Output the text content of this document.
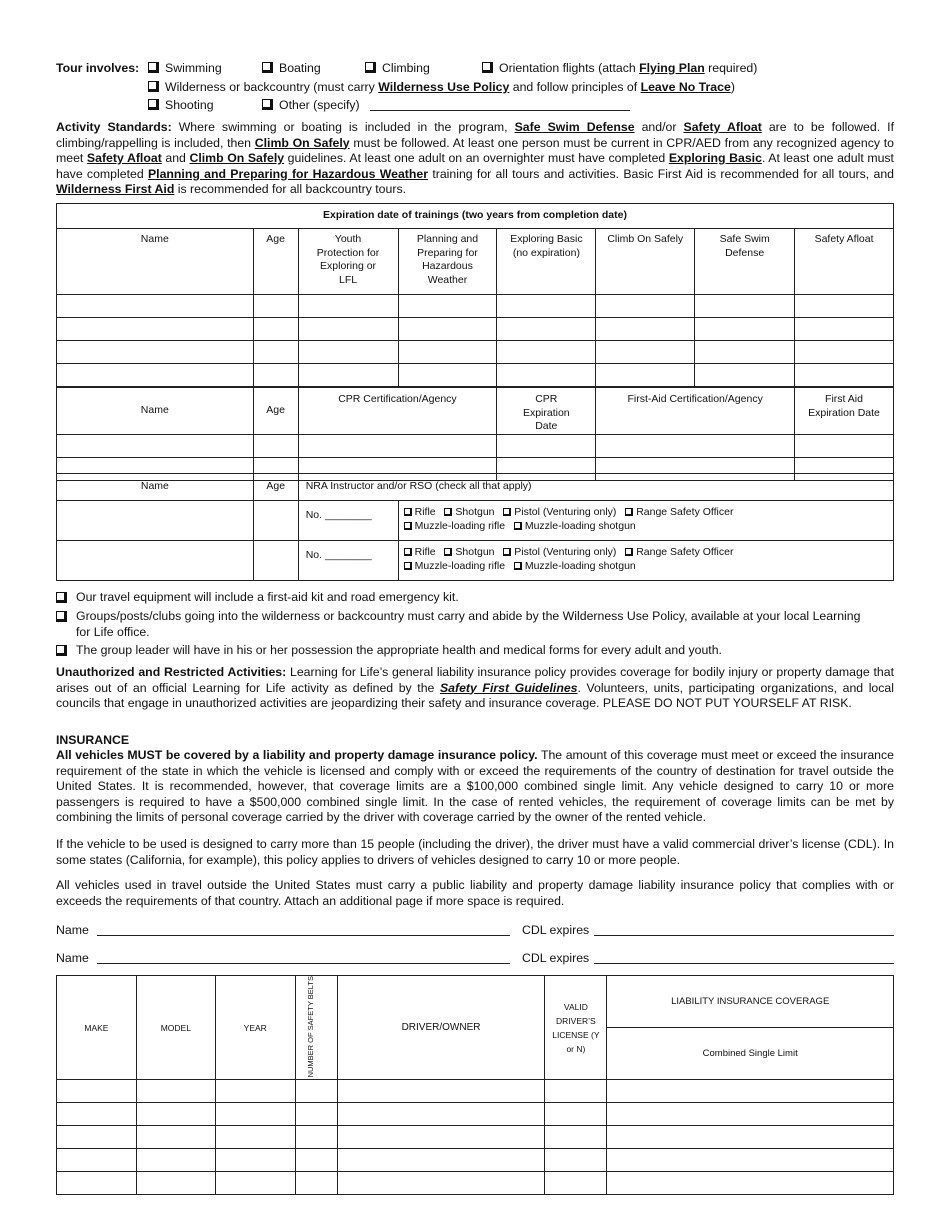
Tour involves:	Swimming	Boating	Climbing	Orientation flights (attach Flying Plan required)
Wilderness or backcountry (must carry Wilderness Use Policy and follow principles of Leave No Trace)
Shooting	Other (specify)
Activity Standards: Where swimming or boating is included in the program, Safe Swim Defense and/or Safety Afloat are to be followed. If climbing/rappelling is included, then Climb On Safely must be followed. At least one person must be current in CPR/AED from any recognized agency to meet Safety Afloat and Climb On Safely guidelines. At least one adult on an overnighter must have completed Exploring Basic. At least one adult must have completed Planning and Preparing for Hazardous Weather training for all tours and activities. Basic First Aid is recommended for all tours, and Wilderness First Aid is recommended for all backcountry tours.
Expiration date of trainings (two years from completion date)							
Name	Age	Youth Protection for Exploring or LFL	Planning and Preparing for Hazardous Weather	Exploring Basic (no expiration)	Climb On Safely	Safe Swim Defense	Safety Afloat

Name	Age	CPR Certification/Agency	CPR Expiration Date	First-Aid Certification/Agency	First Aid Expiration Date

Name	Age	NRA Instructor and/or RSO (check all that apply)	
		No. ________	Rifle Shotgun Pistol (Venturing only) Range Safety Officer
Muzzle-loading rifle Muzzle-loading shotgun

		No. ________	Rifle Shotgun Pistol (Venturing only) Range Safety Officer
Muzzle-loading rifle Muzzle-loading shotgun
Our travel equipment will include a first-aid kit and road emergency kit.
Groups/posts/clubs going into the wilderness or backcountry must carry and abide by the Wilderness Use Policy, available at your local Learning for Life office.
The group leader will have in his or her possession the appropriate health and medical forms for every adult and youth.
Unauthorized and Restricted Activities: Learning for Life’s general liability insurance policy provides coverage for bodily injury or property damage that arises out of an official Learning for Life activity as defined by the Safety First Guidelines. Volunteers, units, participating organizations, and local councils that engage in unauthorized activities are jeopardizing their safety and insurance coverage. PLEASE DO NOT PUT YOURSELF AT RISK.
INSURANCE
All vehicles MUST be covered by a liability and property damage insurance policy. The amount of this coverage must meet or exceed the insurance requirement of the state in which the vehicle is licensed and comply with or exceed the requirements of the country of destination for travel outside the United States. It is recommended, however, that coverage limits are a $100,000 combined single limit. Any vehicle designed to carry 10 or more passengers is required to have a $500,000 combined single limit. In the case of rented vehicles, the requirement of coverage limits can be met by combining the limits of personal coverage carried by the driver with coverage carried by the owner of the rented vehicle.
If the vehicle to be used is designed to carry more than 15 people (including the driver), the driver must have a valid commercial driver’s license (CDL). In some states (California, for example), this policy applies to drivers of vehicles designed to carry 10 or more people.
All vehicles used in travel outside the United States must carry a public liability and property damage liability insurance policy that complies with or exceeds the requirements of that country. Attach an additional page if more space is required.
Name	CDL expires
Name	CDL expires
MAKE	MODEL	YEAR	NUMBER OF SAFETY BELTS	DRIVER/OWNER	VALID DRIVER’S LICENSE (Y or N)	LIABILITY INSURANCE COVERAGE
						Combined Single Limit
